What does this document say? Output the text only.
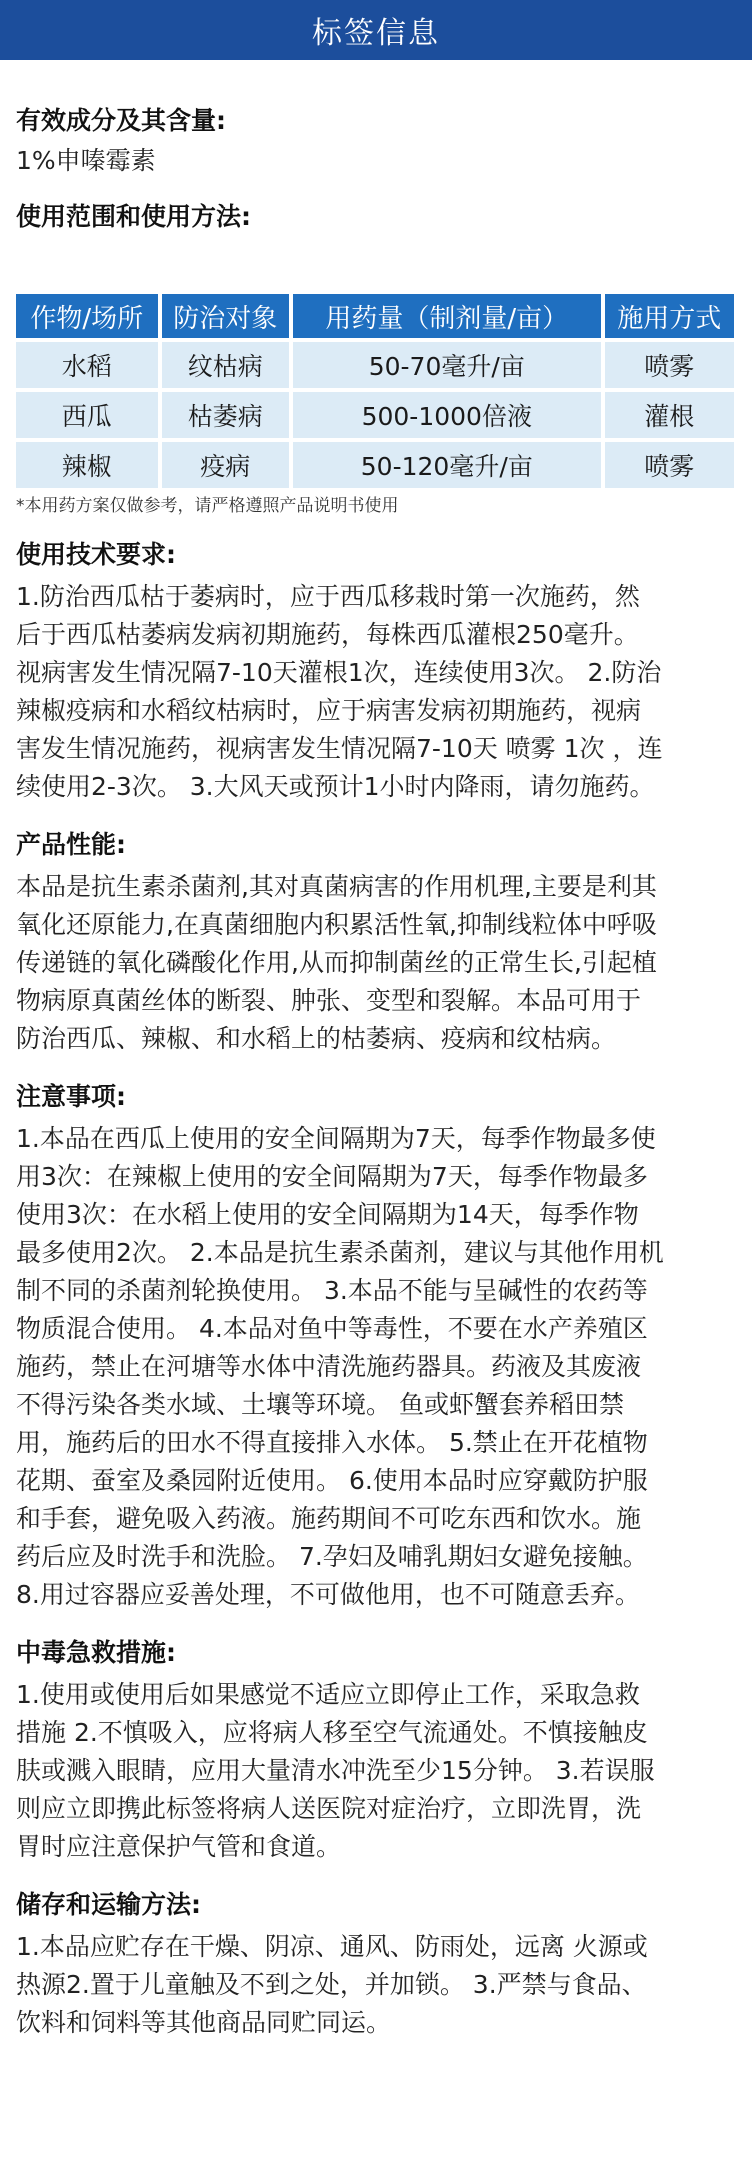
标签信息
有效成分及其含量:
1%申嗪霉素
使用范围和使用方法:
作物/场所	防治对象	用药量（制剂量/亩）	施用方式
水稻	纹枯病	50-70毫升/亩	喷雾
西瓜	枯萎病	500-1000倍液	灌根
辣椒	疫病	50-120毫升/亩	喷雾
*本用药方案仅做参考，请严格遵照产品说明书使用
使用技术要求:
1.防治西瓜枯于萎病时，应于西瓜移栽时第一次施药，然
后于西瓜枯萎病发病初期施药，每株西瓜灌根250毫升。
视病害发生情况隔7-10天灌根1次，连续使用3次。 2.防治
辣椒疫病和水稻纹枯病时，应于病害发病初期施药，视病
害发生情况施药，视病害发生情况隔7-10天 喷雾 1次 ，连
续使用2-3次。 3.大风天或预计1小时内降雨，请勿施药。
产品性能:
本品是抗生素杀菌剂,其对真菌病害的作用机理,主要是利其
氧化还原能力,在真菌细胞内积累活性氧,抑制线粒体中呼吸
传递链的氧化磷酸化作用,从而抑制菌丝的正常生长,引起植
物病原真菌丝体的断裂、肿张、变型和裂解。本品可用于
防治西瓜、辣椒、和水稻上的枯萎病、疫病和纹枯病。
注意事项:
1.本品在西瓜上使用的安全间隔期为7天，每季作物最多使
用3次：在辣椒上使用的安全间隔期为7天，每季作物最多
使用3次：在水稻上使用的安全间隔期为14天，每季作物
最多使用2次。 2.本品是抗生素杀菌剂，建议与其他作用机
制不同的杀菌剂轮换使用。 3.本品不能与呈碱性的农药等
物质混合使用。 4.本品对鱼中等毒性，不要在水产养殖区
施药，禁止在河塘等水体中清洗施药器具。药液及其废液
不得污染各类水域、土壤等环境。 鱼或虾蟹套养稻田禁
用，施药后的田水不得直接排入水体。 5.禁止在开花植物
花期、蚕室及桑园附近使用。 6.使用本品时应穿戴防护服
和手套，避免吸入药液。施药期间不可吃东西和饮水。施
药后应及时洗手和洗脸。 7.孕妇及哺乳期妇女避免接触。
8.用过容器应妥善处理，不可做他用，也不可随意丢弃。
中毒急救措施:
1.使用或使用后如果感觉不适应立即停止工作，采取急救
措施 2.不慎吸入，应将病人移至空气流通处。不慎接触皮
肤或溅入眼睛，应用大量清水冲洗至少15分钟。 3.若误服
则应立即携此标签将病人送医院对症治疗，立即洗胃，洗
胃时应注意保护气管和食道。
储存和运输方法:
1.本品应贮存在干燥、阴凉、通风、防雨处，远离 火源或
热源2.置于儿童触及不到之处，并加锁。 3.严禁与食品、
饮料和饲料等其他商品同贮同运。
